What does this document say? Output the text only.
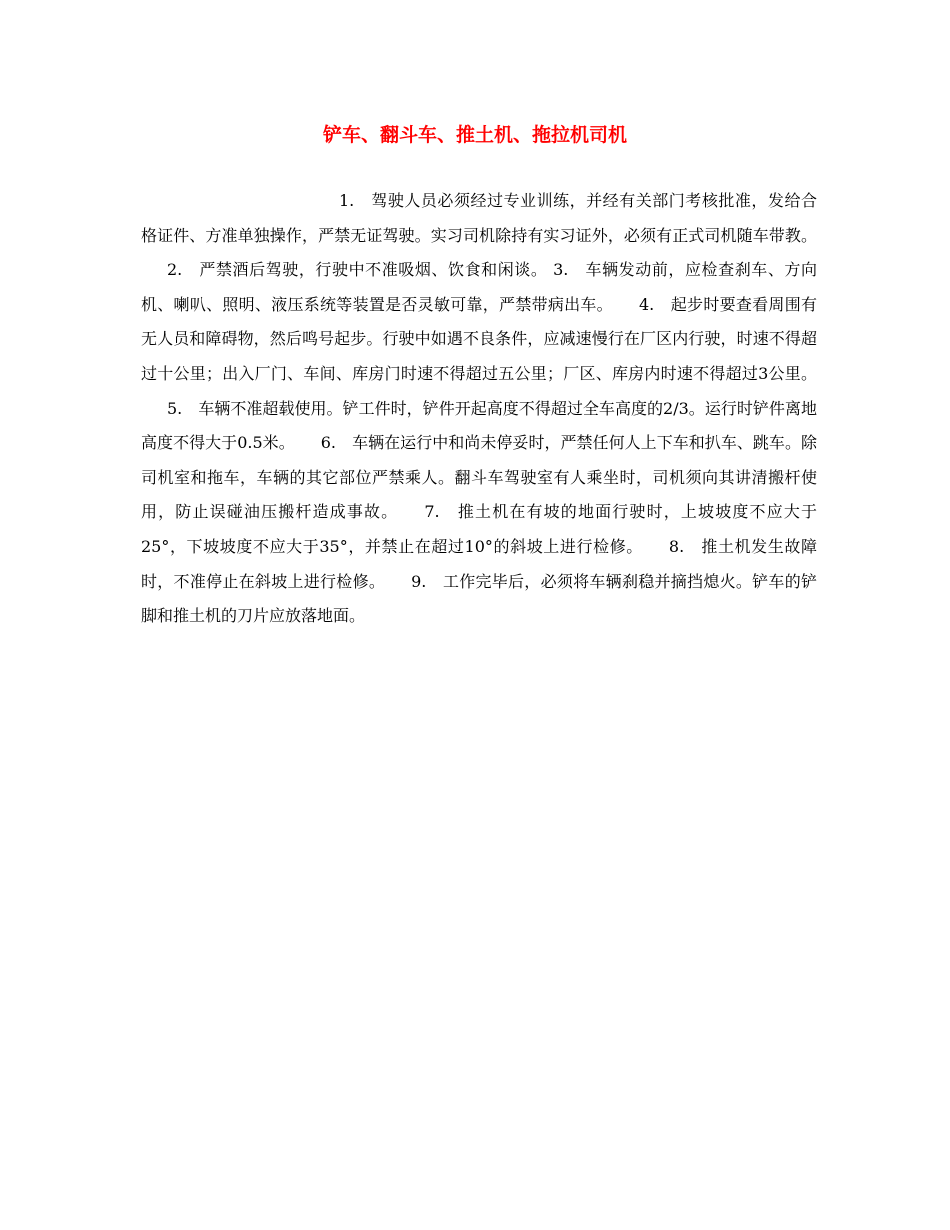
铲车、翻斗车、推土机、拖拉机司机

1.　驾驶人员必须经过专业训练，并经有关部门考核批准，发给合格证件、方准单独操作，严禁无证驾驶。实习司机除持有实习证外，必须有正式司机随车带教。2.　严禁酒后驾驶，行驶中不准吸烟、饮食和闲谈。 3.　车辆发动前，应检查刹车、方向机、喇叭、照明、液压系统等装置是否灵敏可靠，严禁带病出车。 4.　起步时要查看周围有无人员和障碍物，然后鸣号起步。行驶中如遇不良条件，应减速慢行在厂区内行驶，时速不得超过十公里；出入厂门、车间、库房门时速不得超过五公里；厂区、库房内时速不得超过3公里。5.　车辆不准超载使用。铲工件时，铲件开起高度不得超过全车高度的2/3。运行时铲件离地高度不得大于0.5米。 6.　车辆在运行中和尚未停妥时，严禁任何人上下车和扒车、跳车。除司机室和拖车，车辆的其它部位严禁乘人。翻斗车驾驶室有人乘坐时，司机须向其讲清搬杆使用，防止误碰油压搬杆造成事故。 7.　推土机在有坡的地面行驶时，上坡坡度不应大于25°，下坡坡度不应大于35°，并禁止在超过10°的斜坡上进行检修。 8.　推土机发生故障时，不准停止在斜坡上进行检修。 9.　工作完毕后，必须将车辆刹稳并摘挡熄火。铲车的铲脚和推土机的刀片应放落地面。
